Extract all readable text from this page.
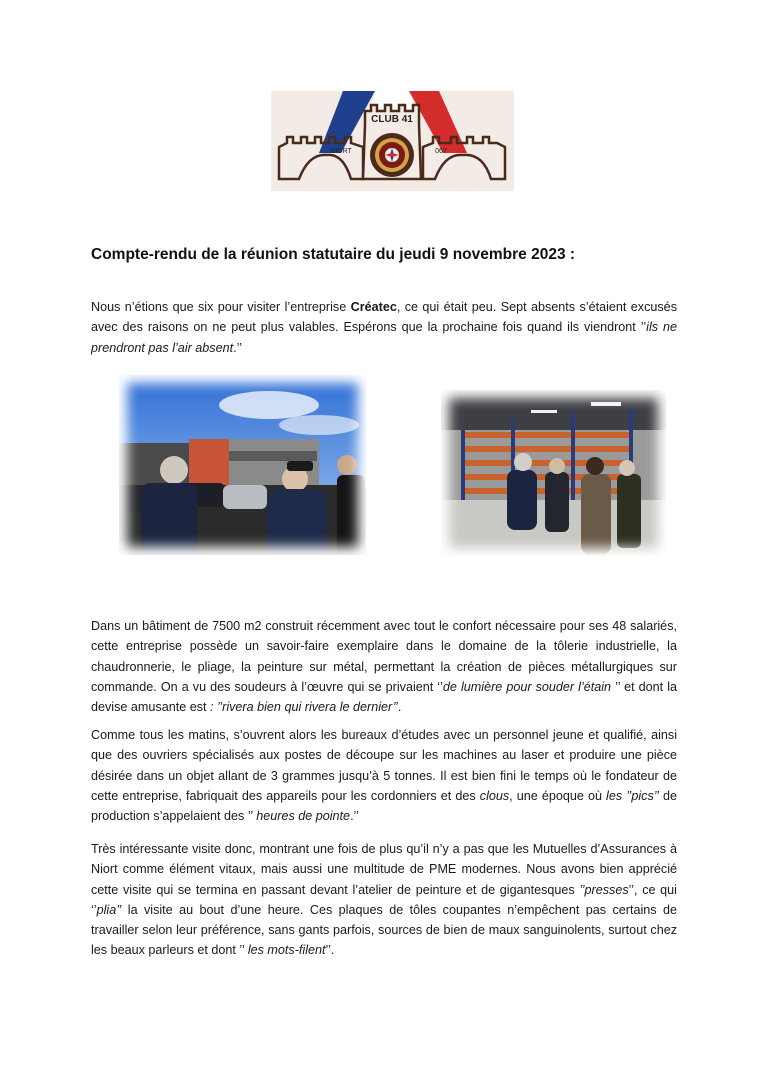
CLUB 41
NIORT	067
Compte-rendu de la réunion statutaire du jeudi 9 novembre 2023 :

Nous n’étions que six pour visiter l’entreprise Créatec, ce qui était peu. Sept absents s’étaient excusés avec des raisons on ne peut plus valables. Espérons que la prochaine fois quand ils viendront ’’ils ne prendront pas l’air absent.’’

Dans un bâtiment de 7500 m2 construit récemment avec tout le confort nécessaire pour ses 48 salariés, cette entreprise possède un savoir-faire exemplaire dans le domaine de la tôlerie industrielle, la chaudronnerie, le pliage, la peinture sur métal, permettant la création de pièces métallurgiques sur commande. On a vu des soudeurs à l’œuvre qui se privaient ‘’de lumière pour souder l’étain ’’ et dont la devise amusante est : ’’rivera bien qui rivera le dernier’’.

Comme tous les matins, s’ouvrent alors les bureaux d’études avec un personnel jeune et qualifié, ainsi que des ouvriers spécialisés aux postes de découpe sur les machines au laser et produire une pièce désirée dans un objet allant de 3 grammes jusqu’à 5 tonnes. Il est bien fini le temps où le fondateur de cette entreprise, fabriquait des appareils pour les cordonniers et des clous, une époque où les ’’pics’’ de production s’appelaient des ’’ heures de pointe.’’

Très intéressante visite donc, montrant une fois de plus qu’il n’y a pas que les Mutuelles d’Assurances à Niort comme élément vitaux, mais aussi une multitude de PME modernes. Nous avons bien apprécié cette visite qui se termina en passant devant l’atelier de peinture et de gigantesques ’’presses’’, ce qui ‘’plia’’ la visite au bout d’une heure. Ces plaques de tôles coupantes n’empêchent pas certains de travailler selon leur préférence, sans gants parfois, sources de bien de maux sanguinolents, surtout chez les beaux parleurs et dont ’’ les mots-filent’’.
